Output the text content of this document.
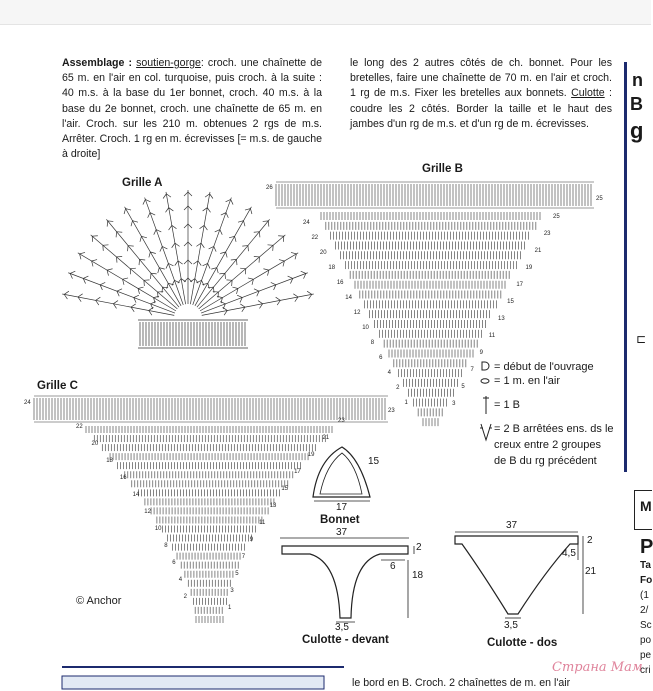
n
B
g
⊏
M
P
Ta
Fo
(1
2/
Sc
po
pe
cri
Assemblage : soutien-gorge: croch. une chaînette de 65 m. en l'air en col. turquoise, puis croch. à la suite : 40 m.s. à la base du 1er bonnet, croch. 40 m.s. à la base du 2e bonnet, croch. une chaînette de 65 m. en l'air. Croch. sur les 210 m. obtenues 2 rgs de m.s. Arrêter. Croch. 1 rg en m. écrevisses [= m.s. de gauche à droite]
le long des 2 autres côtés de ch. bonnet. Pour les bretelles, faire une chaînette de 70 m. en l'air et croch. 1 rg de m.s. Fixer les bretelles aux bonnets. Culotte : coudre les 2 côtés. Border la taille et le haut des jambes d'un rg de m.s. et d'un rg de m. écrevisses.
Grille A
Grille B
Grille C
26
25
24
22
20
18
16
14
12
10
8
6
4
2
1	3
5
7
9
11
13
15
17
19
21
23
25
24
23
22
20
18
16
14
12
10
8
6
4
2
1
3
5
7
9
11
13
15
17
19
21
23
= début de l'ouvrage
= 1 m. en l'air
= 1 B
= 2 B arrêtées ens. ds le creux entre 2 groupes de B du rg précédent
15
17
Bonnet
37
2
6
18
3,5
Culotte - devant
37
2
4,5
21
3,5
Culotte - dos
© Anchor
le bord en B. Croch. 2 chaînettes de m. en l'air
Страна Мам
